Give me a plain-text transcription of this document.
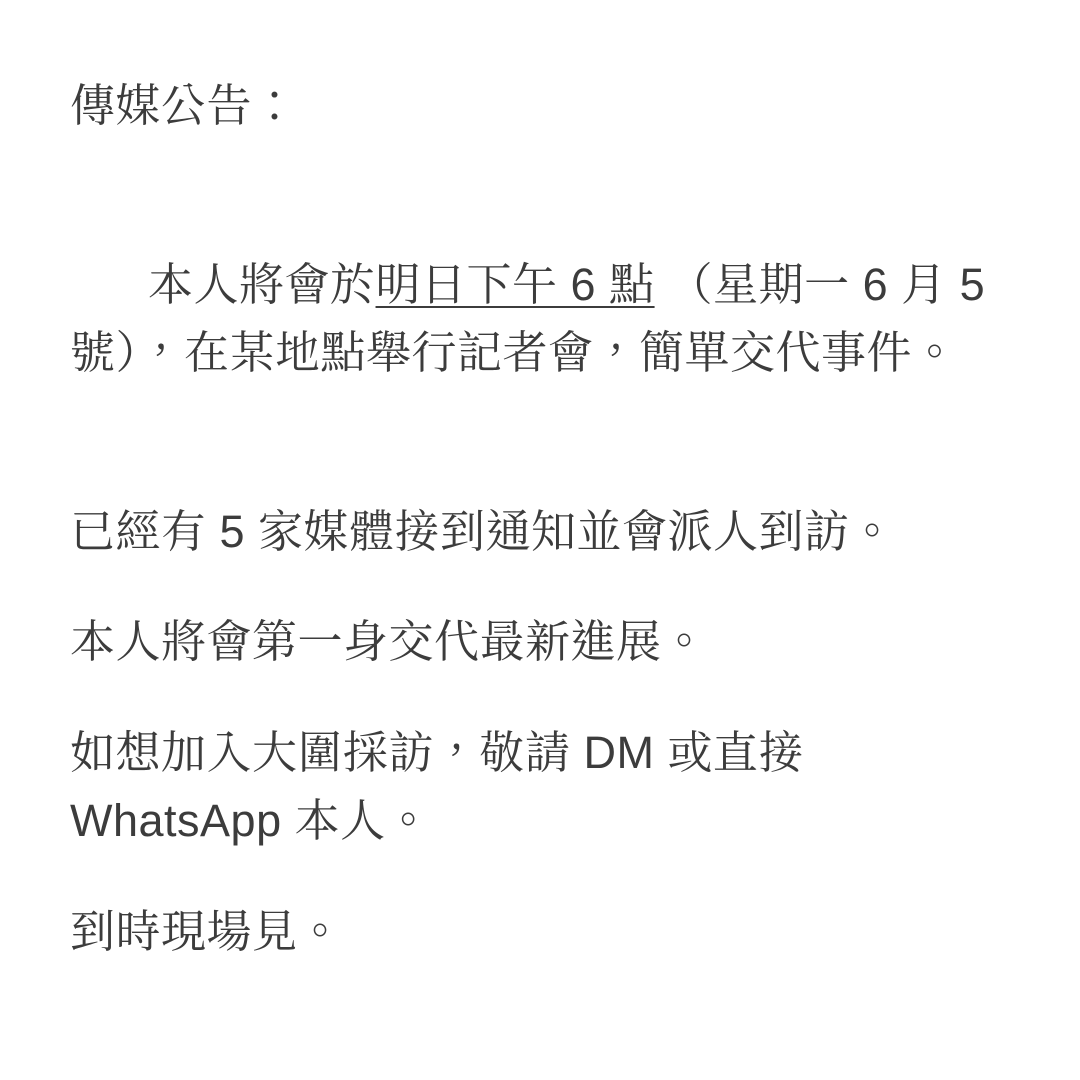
傳媒公告：

本人將會於明日下午 6 點 （星期一 6 月 5 號），在某地點舉行記者會，簡單交代事件。

已經有 5 家媒體接到通知並會派人到訪。

本人將會第一身交代最新進展。

如想加入大圍採訪，敬請 DM 或直接 WhatsApp 本人。

到時現場見。
